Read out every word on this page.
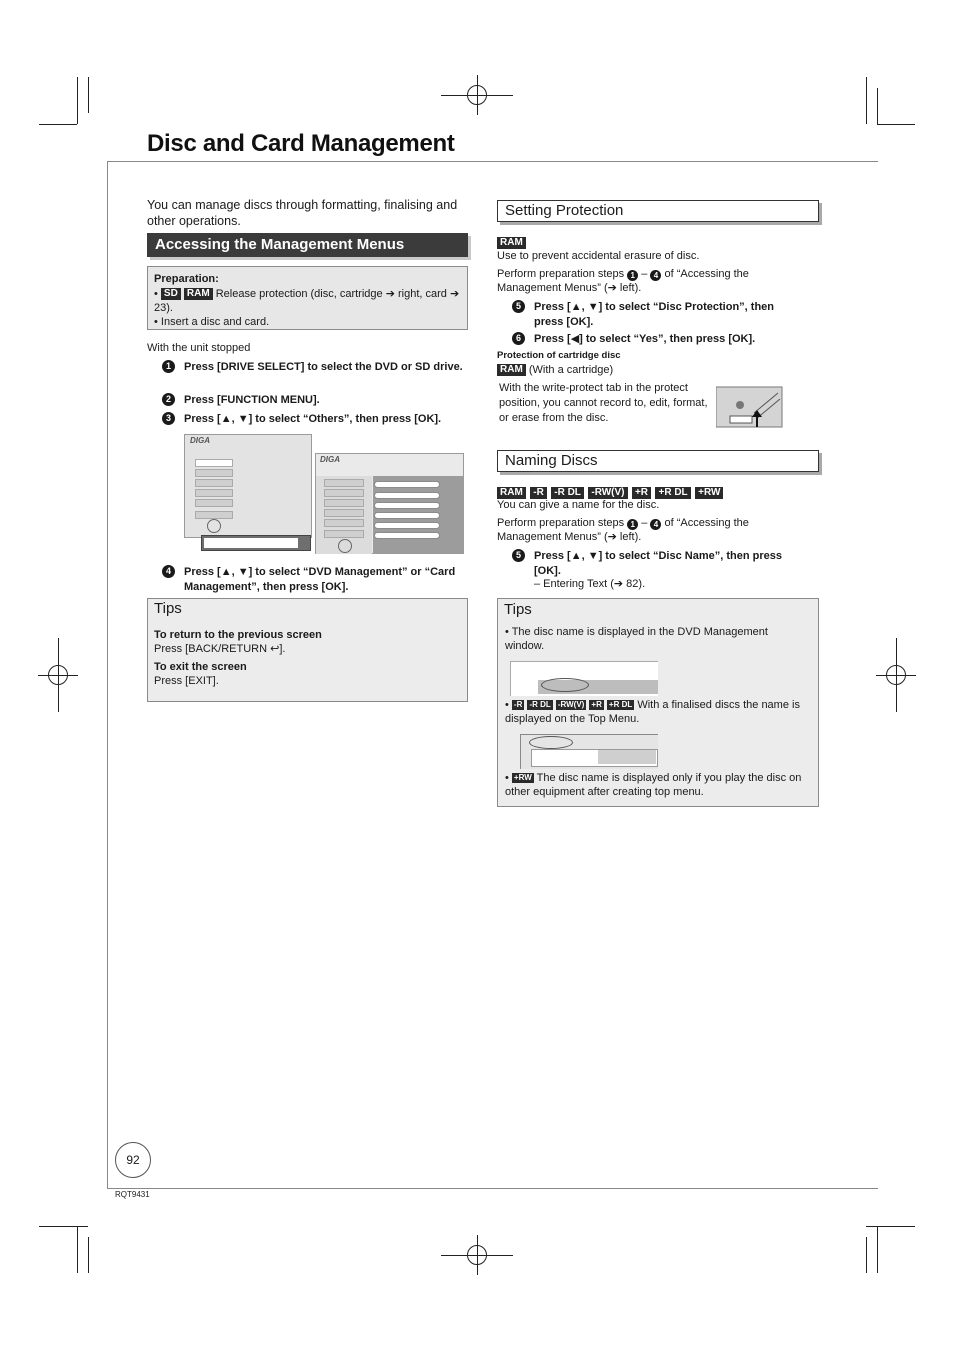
Disc and Card Management
You can manage discs through formatting, finalising and other operations.
Accessing the Management Menus
Preparation:
• SD RAM Release protection (disc, cartridge ➔ right, card ➔ 23).
• Insert a disc and card.
With the unit stopped
1	Press [DRIVE SELECT] to select the DVD or SD drive.
2	Press [FUNCTION MENU].
3	Press [▲, ▼] to select “Others”, then press [OK].
DIGA
DIGA
4	Press [▲, ▼] to select “DVD Management” or “Card Management”, then press [OK].
Tips
To return to the previous screen
Press [BACK/RETURN ↩].
To exit the screen
Press [EXIT].
92
RQT9431
Setting Protection
RAM
Use to prevent accidental erasure of disc.
Perform preparation steps 1 – 4 of “Accessing the Management Menus” (➔ left).
5	Press [▲, ▼] to select “Disc Protection”, then press [OK].
6	Press [◀] to select “Yes”, then press [OK].
Protection of cartridge disc
RAM (With a cartridge)
With the write-protect tab in the protect position, you cannot record to, edit, format, or erase from the disc.
Naming Discs
RAM -R -R DL -RW(V) +R +R DL +RW
You can give a name for the disc.
Perform preparation steps 1 – 4 of “Accessing the Management Menus” (➔ left).
5	Press [▲, ▼] to select “Disc Name”, then press [OK].
– Entering Text (➔ 82).
Tips
• The disc name is displayed in the DVD Management window.
• -R -R DL -RW(V) +R +R DL With a finalised discs the name is displayed on the Top Menu.
• +RW The disc name is displayed only if you play the disc on other equipment after creating top menu.
